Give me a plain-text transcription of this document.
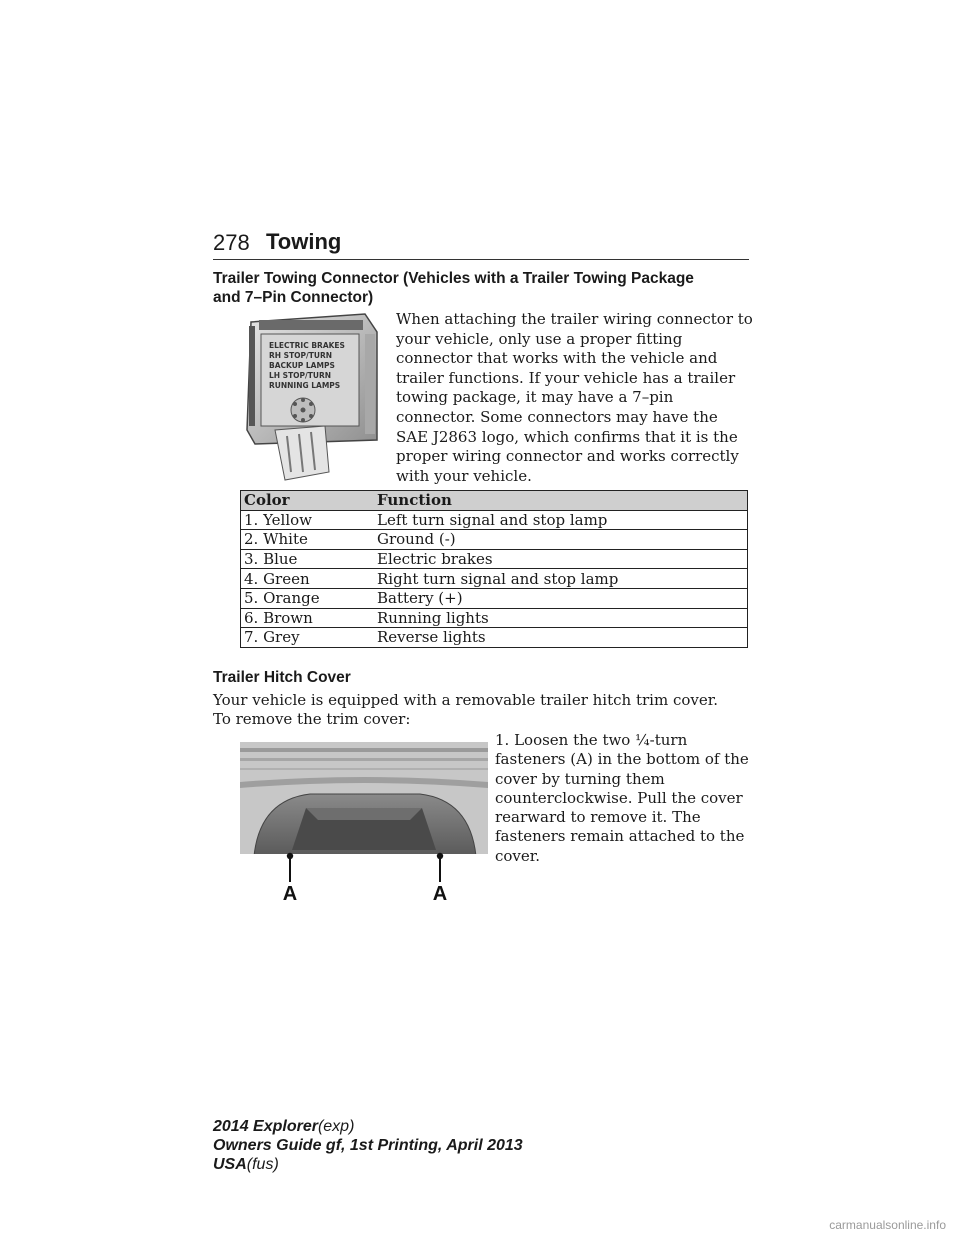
278 Towing
Trailer Towing Connector (Vehicles with a Trailer Towing Package
and 7–Pin Connector)
ELECTRIC BRAKES
RH STOP/TURN
BACKUP LAMPS
LH STOP/TURN
RUNNING LAMPS

When attaching the trailer wiring connector to your vehicle, only use a proper fitting connector that works with the vehicle and trailer functions. If your vehicle has a trailer towing package, it may have a 7–pin connector. Some connectors may have the SAE J2863 logo, which confirms that it is the proper wiring connector and works correctly with your vehicle.

Color	Function
1. Yellow	Left turn signal and stop lamp
2. White	Ground (-)
3. Blue	Electric brakes
4. Green	Right turn signal and stop lamp
5. Orange	Battery (+)
6. Brown	Running lights
7. Grey	Reverse lights
Trailer Hitch Cover

Your vehicle is equipped with a removable trailer hitch trim cover.
To remove the trim cover:

1. Loosen the two ¼-turn fasteners (A) in the bottom of the cover by turning them counterclockwise. Pull the cover rearward to remove it. The fasteners remain attached to the cover.

A	A
2014 Explorer(exp)
Owners Guide gf, 1st Printing, April 2013
USA(fus)
carmanualsonline.info
